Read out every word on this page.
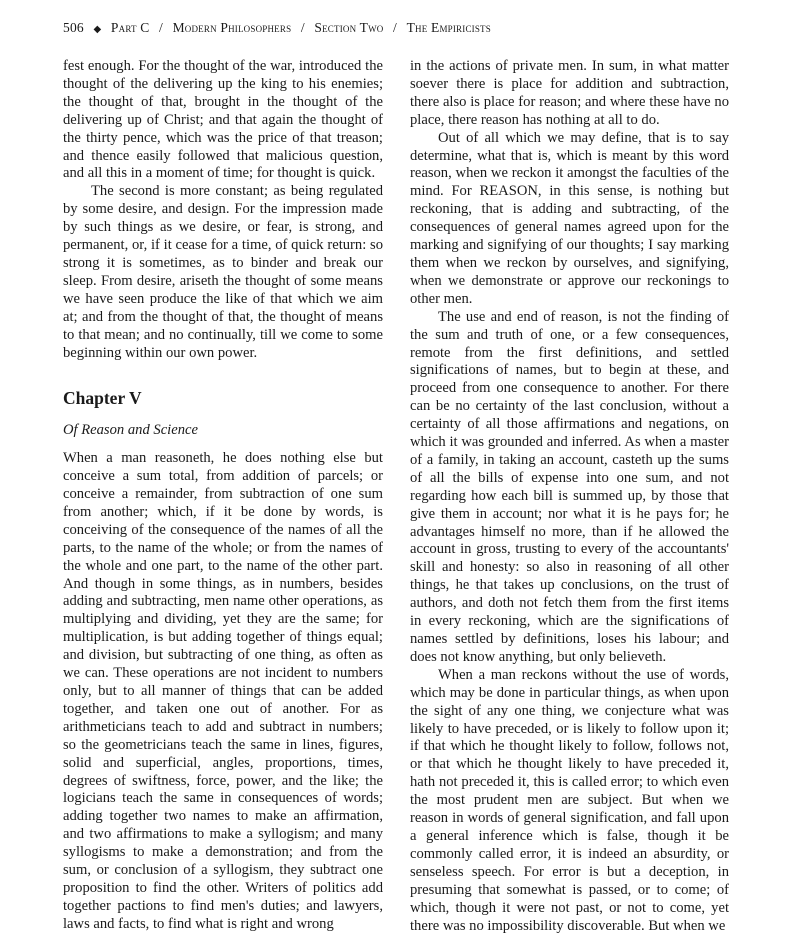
506 ◆ Part C / Modern Philosophers / Section Two / The Empiricists

fest enough. For the thought of the war, introduced the thought of the delivering up the king to his enemies; the thought of that, brought in the thought of the delivering up of Christ; and that again the thought of the thirty pence, which was the price of that treason; and thence easily followed that malicious question, and all this in a moment of time; for thought is quick.

The second is more constant; as being regulated by some desire, and design. For the impression made by such things as we desire, or fear, is strong, and permanent, or, if it cease for a time, of quick return: so strong it is sometimes, as to binder and break our sleep. From desire, ariseth the thought of some means we have seen produce the like of that which we aim at; and from the thought of that, the thought of means to that mean; and no continually, till we come to some beginning within our own power.

Chapter V
Of Reason and Science

When a man reasoneth, he does nothing else but conceive a sum total, from addition of parcels; or conceive a remainder, from subtraction of one sum from another; which, if it be done by words, is conceiving of the consequence of the names of all the parts, to the name of the whole; or from the names of the whole and one part, to the name of the other part. And though in some things, as in numbers, besides adding and subtracting, men name other operations, as multiplying and dividing, yet they are the same; for multiplication, is but adding together of things equal; and division, but subtracting of one thing, as often as we can. These operations are not incident to numbers only, but to all manner of things that can be added together, and taken one out of another. For as arithmeticians teach to add and subtract in numbers; so the geometricians teach the same in lines, figures, solid and superficial, angles, proportions, times, degrees of swiftness, force, power, and the like; the logicians teach the same in consequences of words; adding together two names to make an affirmation, and two affirmations to make a syllogism; and many syllogisms to make a demonstration; and from the sum, or conclusion of a syllogism, they subtract one proposition to find the other. Writers of politics add together pactions to find men's duties; and lawyers, laws and facts, to find what is right and wrong

in the actions of private men. In sum, in what matter soever there is place for addition and subtraction, there also is place for reason; and where these have no place, there reason has nothing at all to do.

Out of all which we may define, that is to say determine, what that is, which is meant by this word reason, when we reckon it amongst the faculties of the mind. For REASON, in this sense, is nothing but reckoning, that is adding and subtracting, of the consequences of general names agreed upon for the marking and signifying of our thoughts; I say marking them when we reckon by ourselves, and signifying, when we demonstrate or approve our reckonings to other men.

The use and end of reason, is not the finding of the sum and truth of one, or a few consequences, remote from the first definitions, and settled significations of names, but to begin at these, and proceed from one consequence to another. For there can be no certainty of the last conclusion, without a certainty of all those affirmations and negations, on which it was grounded and inferred. As when a master of a family, in taking an account, casteth up the sums of all the bills of expense into one sum, and not regarding how each bill is summed up, by those that give them in account; nor what it is he pays for; he advantages himself no more, than if he allowed the account in gross, trusting to every of the accountants' skill and honesty: so also in reasoning of all other things, he that takes up conclusions, on the trust of authors, and doth not fetch them from the first items in every reckoning, which are the significations of names settled by definitions, loses his labour; and does not know anything, but only believeth.

When a man reckons without the use of words, which may be done in particular things, as when upon the sight of any one thing, we conjecture what was likely to have preceded, or is likely to follow upon it; if that which he thought likely to follow, follows not, or that which he thought likely to have preceded it, hath not preceded it, this is called error; to which even the most prudent men are subject. But when we reason in words of general signification, and fall upon a general inference which is false, though it be commonly called error, it is indeed an absurdity, or senseless speech. For error is but a deception, in presuming that somewhat is passed, or to come; of which, though it were not past, or not to come, yet there was no impossibility discoverable. But when we
